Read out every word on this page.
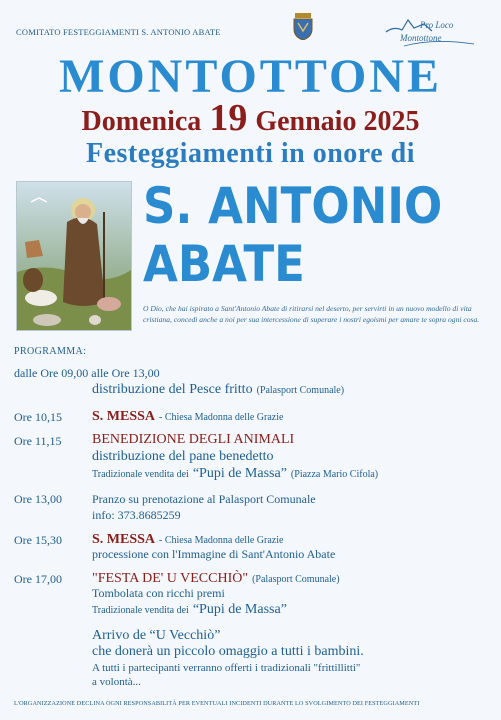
COMITATO FESTEGGIAMENTI S. ANTONIO ABATE
Pro Loco
Montottone
MONTOTTONE
Domenica 19 Gennaio 2025
Festeggiamenti in onore di
S. ANTONIO
ABATE
O Dio, che hai ispirato a Sant'Antonio Abate di ritirarsi nel deserto, per servirti in un nuovo modello di vita cristiana, concedi anche a noi per sua intercessione di superare i nostri egoismi per amare te sopra ogni cosa.
PROGRAMMA:
dalle Ore 09,00 alle Ore 13,00
distribuzione del Pesce fritto (Palasport Comunale)
Ore 10,15 S. MESSA - Chiesa Madonna delle Grazie
Ore 11,15 BENEDIZIONE DEGLI ANIMALI
distribuzione del pane benedetto
Tradizionale vendita dei “Pupi de Massa” (Piazza Mario Cifola)
Ore 13,00	Pranzo su prenotazione al Palasport Comunale
info: 373.8685259
Ore 15,30 S. MESSA - Chiesa Madonna delle Grazie
processione con l'Immagine di Sant'Antonio Abate
Ore 17,00 "FESTA DE' U VECCHIÒ" (Palasport Comunale)
Tombolata con ricchi premi
Tradizionale vendita dei “Pupi de Massa”
Arrivo de “U Vecchiò”
che donerà un piccolo omaggio a tutti i bambini.
A tutti i partecipanti verranno offerti i tradizionali "frittillitti"
a volontà...
L'ORGANIZZAZIONE DECLINA OGNI RESPONSABILITÀ PER EVENTUALI INCIDENTI DURANTE LO SVOLGIMENTO DEI FESTEGGIAMENTI
